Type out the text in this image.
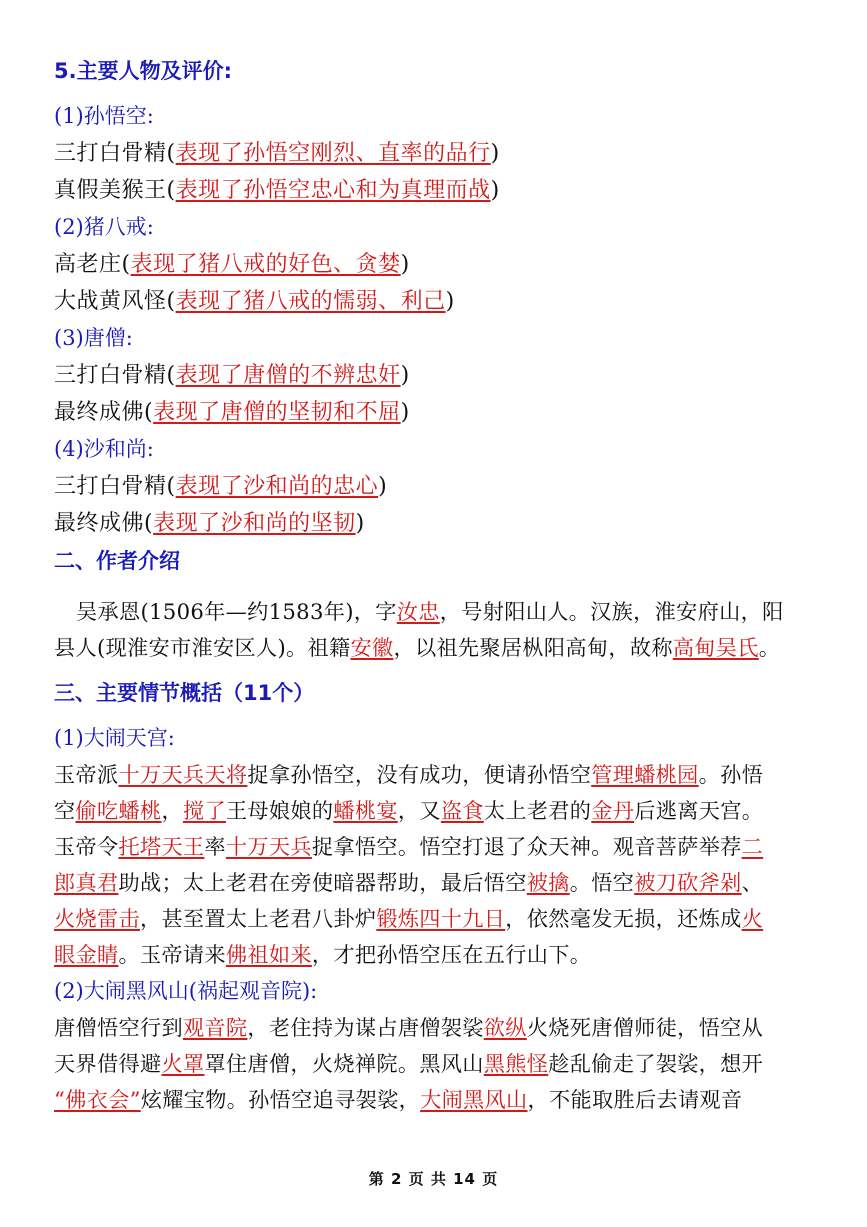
5.主要人物及评价:
(1)孙悟空:
三打白骨精(表现了孙悟空刚烈、直率的品行)
真假美猴王(表现了孙悟空忠心和为真理而战)
(2)猪八戒:
高老庄(表现了猪八戒的好色、贪婪)
大战黄风怪(表现了猪八戒的懦弱、利己)
(3)唐僧:
三打白骨精(表现了唐僧的不辨忠奸)
最终成佛(表现了唐僧的坚韧和不屈)
(4)沙和尚:
三打白骨精(表现了沙和尚的忠心)
最终成佛(表现了沙和尚的坚韧)
二、作者介绍
吴承恩(1506年—约1583年)，字汝忠，号射阳山人。汉族，淮安府山，阳
县人(现淮安市淮安区人)。祖籍安徽，以祖先聚居枞阳高甸，故称高甸吴氏。
三、主要情节概括（11个）
(1)大闹天宫:
玉帝派十万天兵天将捉拿孙悟空，没有成功，便请孙悟空管理蟠桃园。孙悟
空偷吃蟠桃，搅了王母娘娘的蟠桃宴，又盗食太上老君的金丹后逃离天宫。
玉帝令托塔天王率十万天兵捉拿悟空。悟空打退了众天神。观音菩萨举荐二
郎真君助战；太上老君在旁使暗器帮助，最后悟空被擒。悟空被刀砍斧剁、
火烧雷击，甚至置太上老君八卦炉锻炼四十九日，依然毫发无损，还炼成火
眼金睛。玉帝请来佛祖如来，才把孙悟空压在五行山下。
(2)大闹黑风山(祸起观音院):
唐僧悟空行到观音院，老住持为谋占唐僧袈裟欲纵火烧死唐僧师徒，悟空从
天界借得避火罩罩住唐僧，火烧禅院。黑风山黑熊怪趁乱偷走了袈裟，想开
“佛衣会”炫耀宝物。孙悟空追寻袈裟，大闹黑风山，不能取胜后去请观音
第 2 页 共 14 页
